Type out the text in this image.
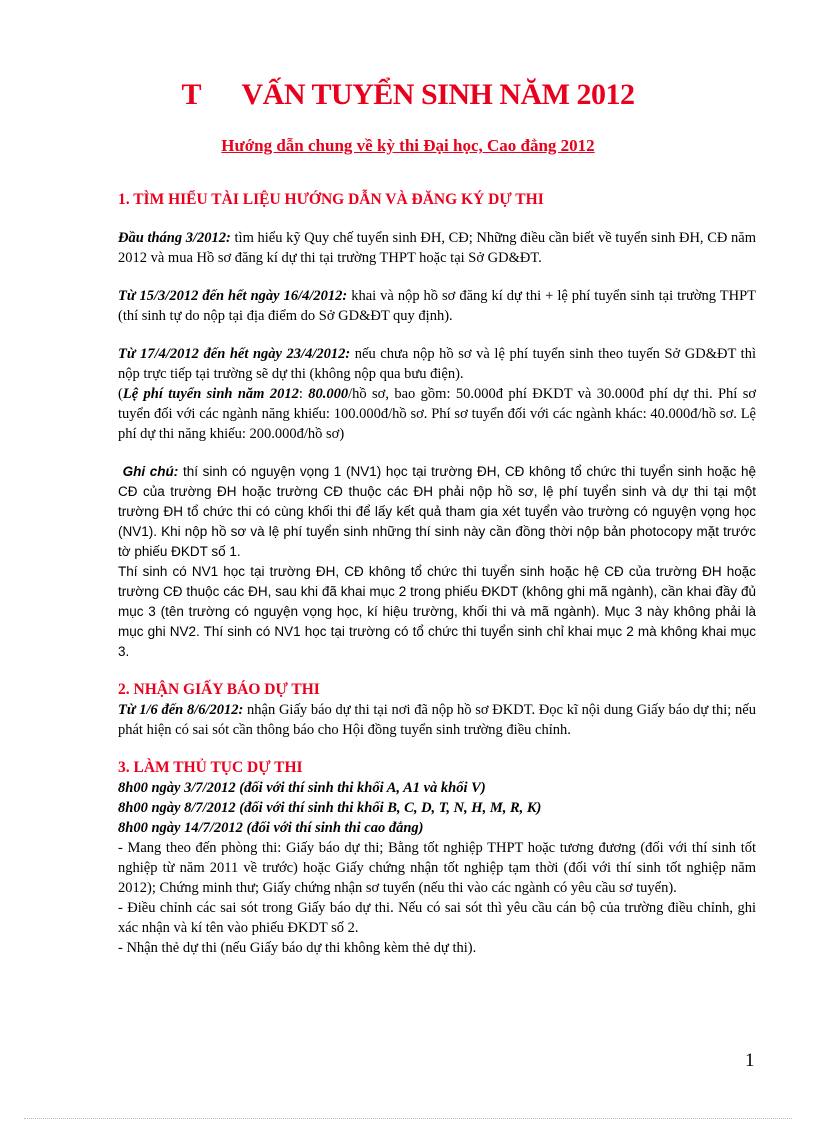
T VẤN TUYỂN SINH NĂM 2012
Hướng dẫn chung về kỳ thi Đại học, Cao đẳng 2012
1. TÌM HIỂU TÀI LIỆU HƯỚNG DẪN VÀ ĐĂNG KÝ DỰ THI

Đầu tháng 3/2012: tìm hiểu kỹ Quy chế tuyển sinh ĐH, CĐ; Những điều cần biết về tuyển sinh ĐH, CĐ năm 2012 và mua Hồ sơ đăng kí dự thi tại trường THPT hoặc tại Sở GD&ĐT.

Từ 15/3/2012 đến hết ngày 16/4/2012: khai và nộp hồ sơ đăng kí dự thi + lệ phí tuyển sinh tại trường THPT (thí sinh tự do nộp tại địa điểm do Sở GD&ĐT quy định).

Từ 17/4/2012 đến hết ngày 23/4/2012: nếu chưa nộp hồ sơ và lệ phí tuyển sinh theo tuyến Sở GD&ĐT thì nộp trực tiếp tại trường sẽ dự thi (không nộp qua bưu điện).

(Lệ phí tuyển sinh năm 2012: 80.000/hồ sơ, bao gồm: 50.000đ phí ĐKDT và 30.000đ phí dự thi. Phí sơ tuyển đối với các ngành năng khiếu: 100.000đ/hồ sơ. Phí sơ tuyển đối với các ngành khác: 40.000đ/hồ sơ. Lệ phí dự thi năng khiếu: 200.000đ/hồ sơ)

Ghi chú: thí sinh có nguyện vọng 1 (NV1) học tại trường ĐH, CĐ không tổ chức thi tuyển sinh hoặc hệ CĐ của trường ĐH hoặc trường CĐ thuộc các ĐH phải nộp hồ sơ, lệ phí tuyển sinh và dự thi tại một trường ĐH tổ chức thi có cùng khối thi để lấy kết quả tham gia xét tuyển vào trường có nguyện vọng học (NV1). Khi nộp hồ sơ và lệ phí tuyển sinh những thí sinh này cần đồng thời nộp bản photocopy mặt trước tờ phiếu ĐKDT số 1.

Thí sinh có NV1 học tại trường ĐH, CĐ không tổ chức thi tuyển sinh hoặc hệ CĐ của trường ĐH hoặc trường CĐ thuộc các ĐH, sau khi đã khai mục 2 trong phiếu ĐKDT (không ghi mã ngành), cần khai đầy đủ mục 3 (tên trường có nguyện vọng học, kí hiệu trường, khối thi và mã ngành). Mục 3 này không phải là mục ghi NV2. Thí sinh có NV1 học tại trường có tổ chức thi tuyển sinh chỉ khai mục 2 mà không khai mục 3.

2. NHẬN GIẤY BÁO DỰ THI

Từ 1/6 đến 8/6/2012: nhận Giấy báo dự thi tại nơi đã nộp hồ sơ ĐKDT. Đọc kĩ nội dung Giấy báo dự thi; nếu phát hiện có sai sót cần thông báo cho Hội đồng tuyển sinh trường điều chỉnh.

3. LÀM THỦ TỤC DỰ THI

8h00 ngày 3/7/2012 (đối với thí sinh thi khối A, A1 và khối V)

8h00 ngày 8/7/2012 (đối với thí sinh thi khối B, C, D, T, N, H, M, R, K)

8h00 ngày 14/7/2012 (đối với thí sinh thi cao đẳng)

- Mang theo đến phòng thi: Giấy báo dự thi; Bằng tốt nghiệp THPT hoặc tương đương (đối với thí sinh tốt nghiệp từ năm 2011 về trước) hoặc Giấy chứng nhận tốt nghiệp tạm thời (đối với thí sinh tốt nghiệp năm 2012); Chứng minh thư; Giấy chứng nhận sơ tuyển (nếu thi vào các ngành có yêu cầu sơ tuyển).

- Điều chỉnh các sai sót trong Giấy báo dự thi. Nếu có sai sót thì yêu cầu cán bộ của trường điều chỉnh, ghi xác nhận và kí tên vào phiếu ĐKDT số 2.

- Nhận thẻ dự thi (nếu Giấy báo dự thi không kèm thẻ dự thi).

1
